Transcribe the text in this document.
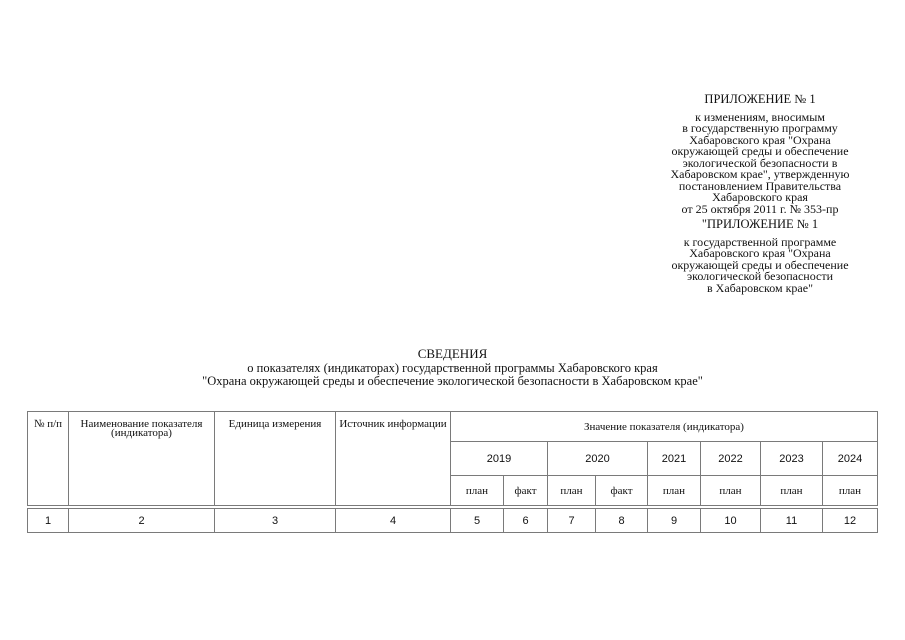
ПРИЛОЖЕНИЕ № 1
к изменениям, вносимым
в государственную программу
Хабаровского края "Охрана
окружающей среды и обеспечение
экологической безопасности в
Хабаровском крае", утвержденную
постановлением Правительства
Хабаровского края
от 25 октября 2011 г. № 353-пр
"ПРИЛОЖЕНИЕ № 1
к государственной программе
Хабаровского края "Охрана
окружающей среды и обеспечение
экологической безопасности
в Хабаровском крае"
СВЕДЕНИЯ
о показателях (индикаторах) государственной программы Хабаровского края
"Охрана окружающей среды и обеспечение экологической безопасности в Хабаровском крае"
№ п/п	Наименование показателя (индикатора)	Единица измерения	Источник информации	Значение показателя (индикатора)							
				2019		2020		2021	2022	2023	2024
				план	факт	план	факт	план	план	план	план

1	2	3	4	5	6	7	8	9	10	11	12
